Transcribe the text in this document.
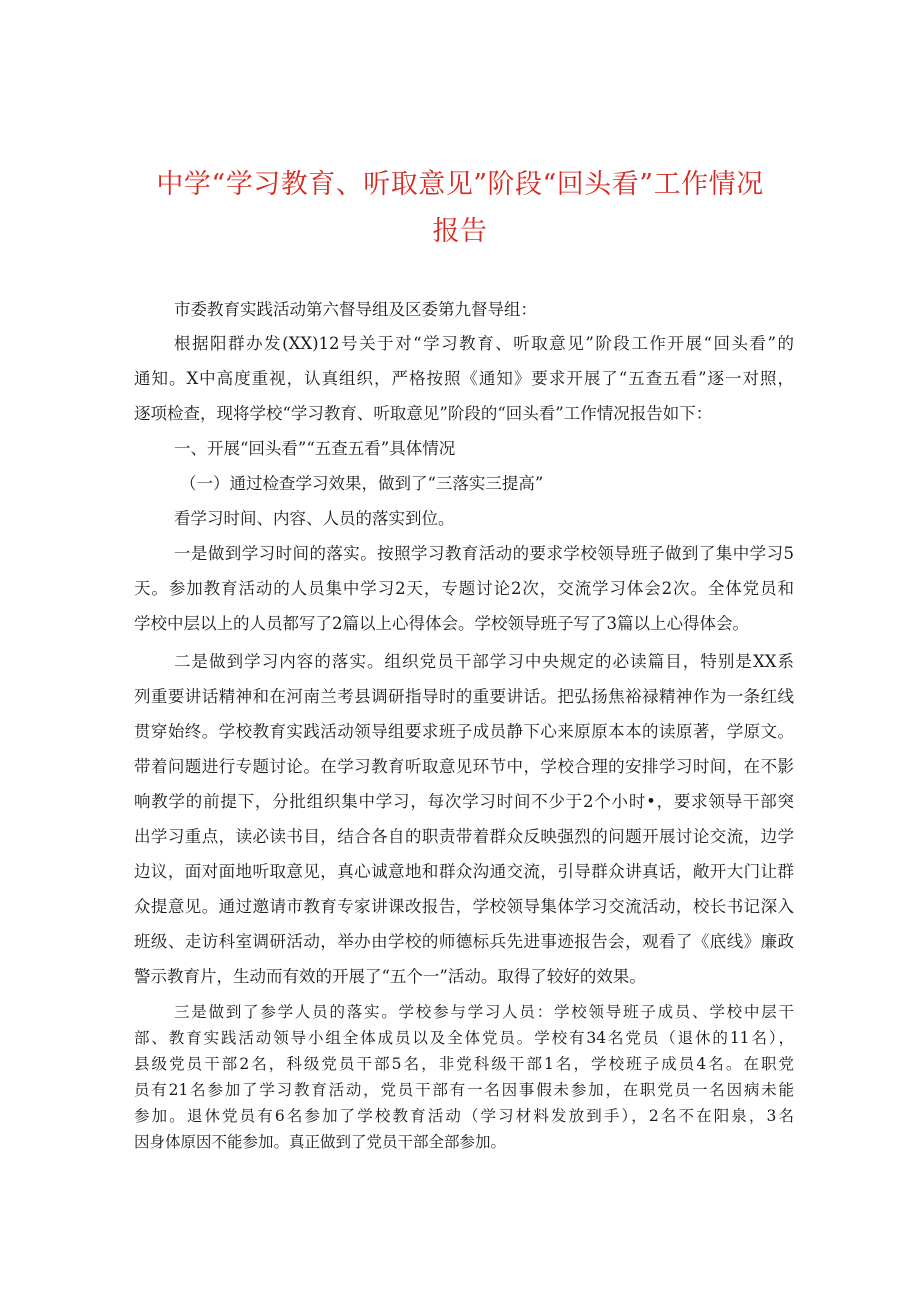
中学“学习教育、听取意见”阶段“回头看”工作情况
报告

市委教育实践活动第六督导组及区委第九督导组：

根据阳群办发(XX)12号关于对“学习教育、听取意见”阶段工作开展“回头看”的

通知。X中高度重视，认真组织，严格按照《通知》要求开展了“五查五看”逐一对照，

逐项检查，现将学校“学习教育、听取意见”阶段的“回头看”工作情况报告如下：

一、开展“回头看”“五查五看”具体情况

（一）通过检查学习效果，做到了“三落实三提高”

看学习时间、内容、人员的落实到位。

一是做到学习时间的落实。按照学习教育活动的要求学校领导班子做到了集中学习5

天。参加教育活动的人员集中学习2天，专题讨论2次，交流学习体会2次。全体党员和

学校中层以上的人员都写了2篇以上心得体会。学校领导班子写了3篇以上心得体会。

二是做到学习内容的落实。组织党员干部学习中央规定的必读篇目，特别是XX系

列重要讲话精神和在河南兰考县调研指导时的重要讲话。把弘扬焦裕禄精神作为一条红线

贯穿始终。学校教育实践活动领导组要求班子成员静下心来原原本本的读原著，学原文。

带着问题进行专题讨论。在学习教育听取意见环节中，学校合理的安排学习时间，在不影

响教学的前提下，分批组织集中学习，每次学习时间不少于2个小时•，要求领导干部突

出学习重点，读必读书目，结合各自的职责带着群众反映强烈的问题开展讨论交流，边学

边议，面对面地听取意见，真心诚意地和群众沟通交流，引导群众讲真话，敞开大门让群

众提意见。通过邀请市教育专家讲课改报告，学校领导集体学习交流活动，校长书记深入

班级、走访科室调研活动，举办由学校的师德标兵先进事迹报告会，观看了《底线》廉政

警示教育片，生动而有效的开展了“五个一”活动。取得了较好的效果。

三是做到了参学人员的落实。学校参与学习人员：学校领导班子成员、学校中层干

部、教育实践活动领导小组全体成员以及全体党员。学校有34名党员（退休的11名），

县级党员干部2名，科级党员干部5名，非党科级干部1名，学校班子成员4名。在职党

员有21名参加了学习教育活动，党员干部有一名因事假未参加，在职党员一名因病未能

参加。退休党员有6名参加了学校教育活动（学习材料发放到手），2名不在阳泉，3名

因身体原因不能参加。真正做到了党员干部全部参加。
